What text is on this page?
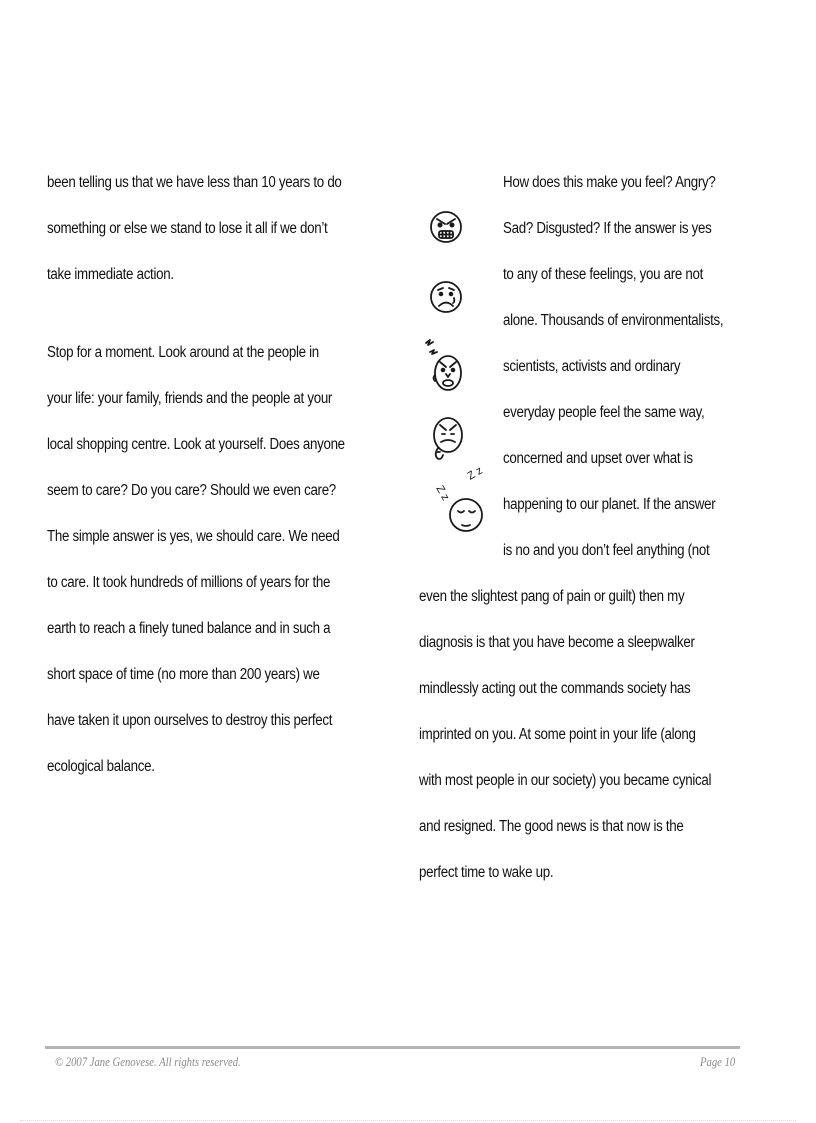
been telling us that we have less than 10 years to do

something or else we stand to lose it all if we don’t

take immediate action.

Stop for a moment. Look around at the people in

your life: your family, friends and the people at your

local shopping centre. Look at yourself. Does anyone

seem to care? Do you care? Should we even care?

The simple answer is yes, we should care. We need

to care. It took hundreds of millions of years for the

earth to reach a finely tuned balance and in such a

short space of time (no more than 200 years) we

have taken it upon ourselves to destroy this perfect

ecological balance.

How does this make you feel? Angry?

Sad? Disgusted? If the answer is yes

to any of these feelings, you are not

alone. Thousands of environmentalists,

scientists, activists and ordinary

everyday people feel the same way,

concerned and upset over what is

happening to our planet. If the answer

is no and you don’t feel anything (not

even the slightest pang of pain or guilt) then my

diagnosis is that you have become a sleepwalker

mindlessly acting out the commands society has

imprinted on you. At some point in your life (along

with most people in our society) you became cynical

and resigned. The good news is that now is the

perfect time to wake up.

Z z
Z z
© 2007 Jane Genovese. All rights reserved.	Page 10
